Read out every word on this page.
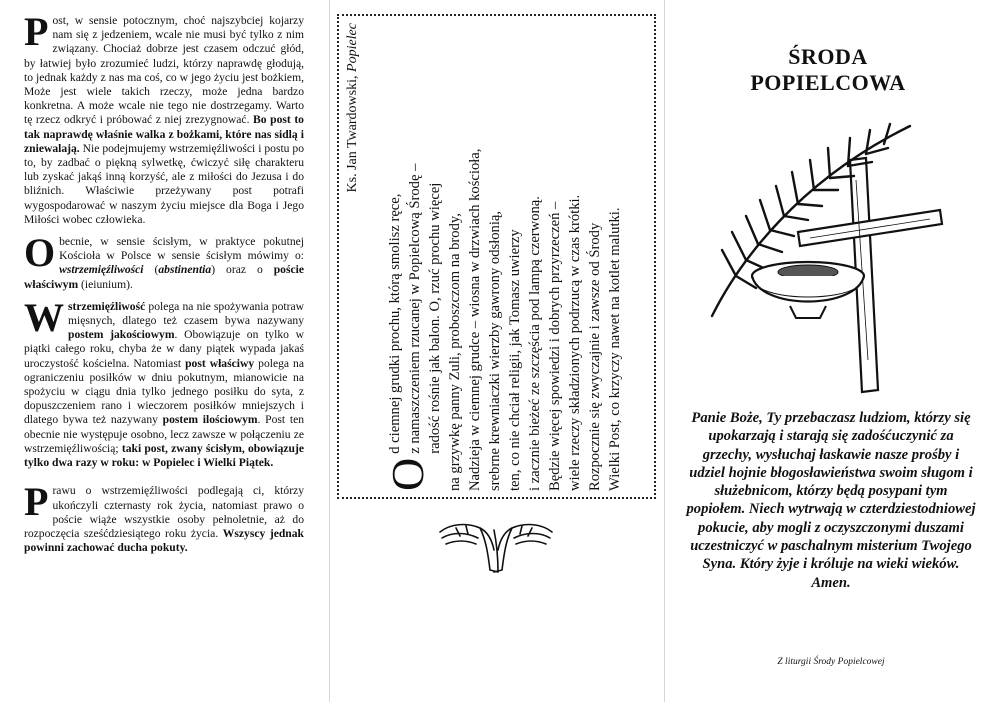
Post, w sensie potocznym, choć najszybciej kojarzy nam się z jedzeniem, wcale nie musi być tylko z nim związany. Chociaż dobrze jest czasem odczuć głód, by łatwiej było zrozumieć ludzi, którzy naprawdę głodują, to jednak każdy z nas ma coś, co w jego życiu jest bożkiem, Może jest wiele takich rzeczy, może jedna bardzo konkretna. A może wcale nie tego nie dostrzegamy. Warto tę rzecz odkryć i próbować z niej zrezygnować. Bo post to tak naprawdę właśnie walka z bożkami, które nas sidlą i zniewalają. Nie podejmujemy wstrzemięźliwości i postu po to, by zadbać o piękną sylwetkę, ćwiczyć siłę charakteru lub zyskać jakąś inną korzyść, ale z miłości do Jezusa i do bliźnich. Właściwie przeżywany post potrafi wygospodarować w naszym życiu miejsce dla Boga i Jego Miłości wobec człowieka.

Obecnie, w sensie ścisłym, w praktyce pokutnej Kościoła w Polsce w sensie ścisłym mówimy o: wstrzemięźliwości (abstinentia) oraz o poście właściwym (ieiunium).

Wstrzemięźliwość polega na nie spożywania potraw mięsnych, dlatego też czasem bywa nazywany postem jakościowym. Obowiązuje on tylko w piątki całego roku, chyba że w dany piątek wypada jakaś uroczystość kościelna. Natomiast post właściwy polega na ograniczeniu posiłków w dniu pokutnym, mianowicie na spożyciu w ciągu dnia tylko jednego posiłku do syta, z dopuszczeniem rano i wieczorem posiłków mniejszych i dlatego bywa też nazywany postem ilościowym. Post ten obecnie nie występuje osobno, lecz zawsze w połączeniu ze wstrzemięźliwością; taki post, zwany ścisłym, obowiązuje tylko dwa razy w roku: w Popielec i Wielki Piątek.

Prawu o wstrzemięźliwości podlegają ci, którzy ukończyli czternasty rok życia, natomiast prawo o poście wiąże wszystkie osoby pełnoletnie, aż do rozpoczęcia sześćdziesiątego roku życia. Wszyscy jednak powinni zachować ducha pokuty.

Ks. Jan Twardowski, Popielec
O
d ciemnej grudki prochu, którą smolisz ręce, z namaszczeniem rzucanej w Popielcową Środę – radość rośnie jak balon. O, rzuć prochu więcej na grzywkę panny Zuli, proboszczom na brody, Nadzieja w ciemnej grudce – wiosna w drzwiach kościoła, srebrne krewniaczki wierzby gawrony odsłonią, ten, co nie chciał religii, jak Tomasz uwierzy i zacznie bieżeć ze szczęścia pod lampą czerwoną. Będzie więcej spowiedzi i dobrych przyrzeczeń – wiele rzeczy składzionych podrzucą w czas krótki. Rozpocznie się zwyczajnie i zawsze od Środy Wielki Post, co krzyczy nawet na kotlet malutki.
ŚRODA
POPIELCOWA
Panie Boże, Ty przebaczasz ludziom, którzy się upokarzają i starają się zadośćuczynić za grzechy, wysłuchaj łaskawie nasze prośby i udziel hojnie błogosławieństwa swoim sługom i służebnicom, którzy będą posypani tym popiołem. Niech wytrwają w czterdziestodniowej pokucie, aby mogli z oczyszczonymi duszami uczestniczyć w paschalnym misterium Twojego Syna. Który żyje i króluje na wieki wieków. Amen.
Z liturgii Środy Popielcowej
